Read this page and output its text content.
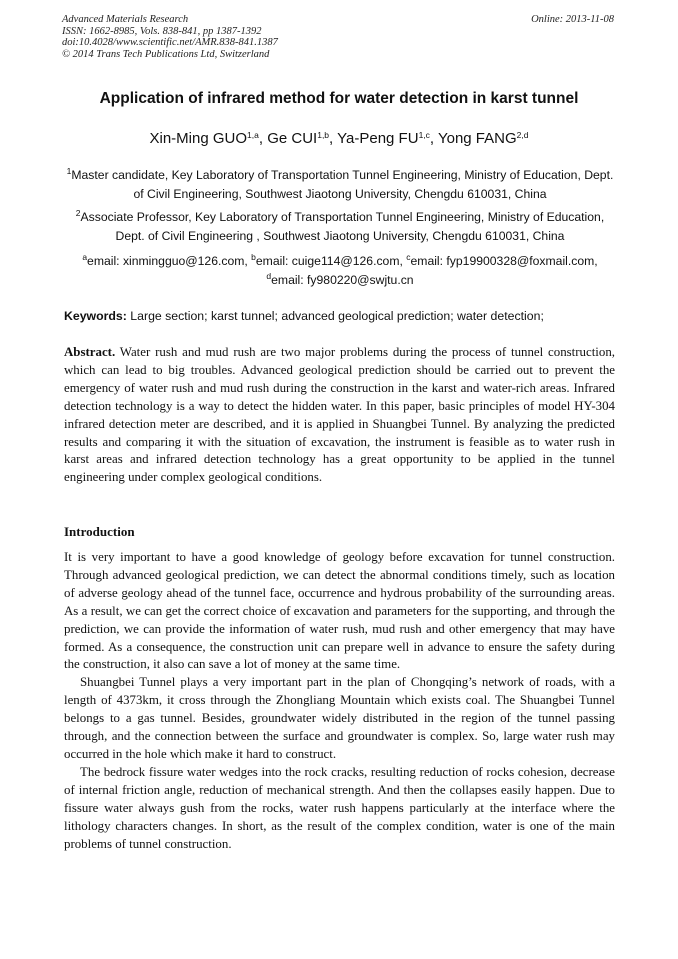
Advanced Materials Research
ISSN: 1662-8985, Vols. 838-841, pp 1387-1392
doi:10.4028/www.scientific.net/AMR.838-841.1387
© 2014 Trans Tech Publications Ltd, Switzerland
Online: 2013-11-08
Application of infrared method for water detection in karst tunnel
Xin-Ming GUO$^{1,a}$, Ge CUI$^{1,b}$, Ya-Peng FU$^{1,c}$, Yong FANG$^{2,d}$
$^1$Master candidate, Key Laboratory of Transportation Tunnel Engineering, Ministry of Education, Dept. of Civil Engineering, Southwest Jiaotong University, Chengdu 610031, China
$^2$Associate Professor, Key Laboratory of Transportation Tunnel Engineering, Ministry of Education, Dept. of Civil Engineering , Southwest Jiaotong University, Chengdu 610031, China
$^a$email: xinmingguo@126.com, $^b$email: cuige114@126.com, $^c$email: fyp19900328@foxmail.com,
$^d$email: fy980220@swjtu.cn
Keywords: Large section; karst tunnel; advanced geological prediction; water detection;
Abstract. Water rush and mud rush are two major problems during the process of tunnel construction, which can lead to big troubles. Advanced geological prediction should be carried out to prevent the emergency of water rush and mud rush during the construction in the karst and water-rich areas. Infrared detection technology is a way to detect the hidden water. In this paper, basic principles of model HY-304 infrared detection meter are described, and it is applied in Shuangbei Tunnel. By analyzing the predicted results and comparing it with the situation of excavation, the instrument is feasible as to water rush in karst areas and infrared detection technology has a great opportunity to be applied in the tunnel engineering under complex geological conditions.
Introduction

It is very important to have a good knowledge of geology before excavation for tunnel construction. Through advanced geological prediction, we can detect the abnormal conditions timely, such as location of adverse geology ahead of the tunnel face, occurrence and hydrous probability of the surrounding areas. As a result, we can get the correct choice of excavation and parameters for the supporting, and through the prediction, we can provide the information of water rush, mud rush and other emergency that may have formed. As a consequence, the construction unit can prepare well in advance to ensure the safety during the construction, it also can save a lot of money at the same time.

Shuangbei Tunnel plays a very important part in the plan of Chongqing’s network of roads, with a length of 4373km, it cross through the Zhongliang Mountain which exists coal. The Shuangbei Tunnel belongs to a gas tunnel. Besides, groundwater widely distributed in the region of the tunnel passing through, and the connection between the surface and groundwater is complex. So, large water rush may occurred in the hole which make it hard to construct.

The bedrock fissure water wedges into the rock cracks, resulting reduction of rocks cohesion, decrease of internal friction angle, reduction of mechanical strength. And then the collapses easily happen. Due to fissure water always gush from the rocks, water rush happens particularly at the interface where the lithology characters changes. In short, as the result of the complex condition, water is one of the main problems of tunnel construction.
